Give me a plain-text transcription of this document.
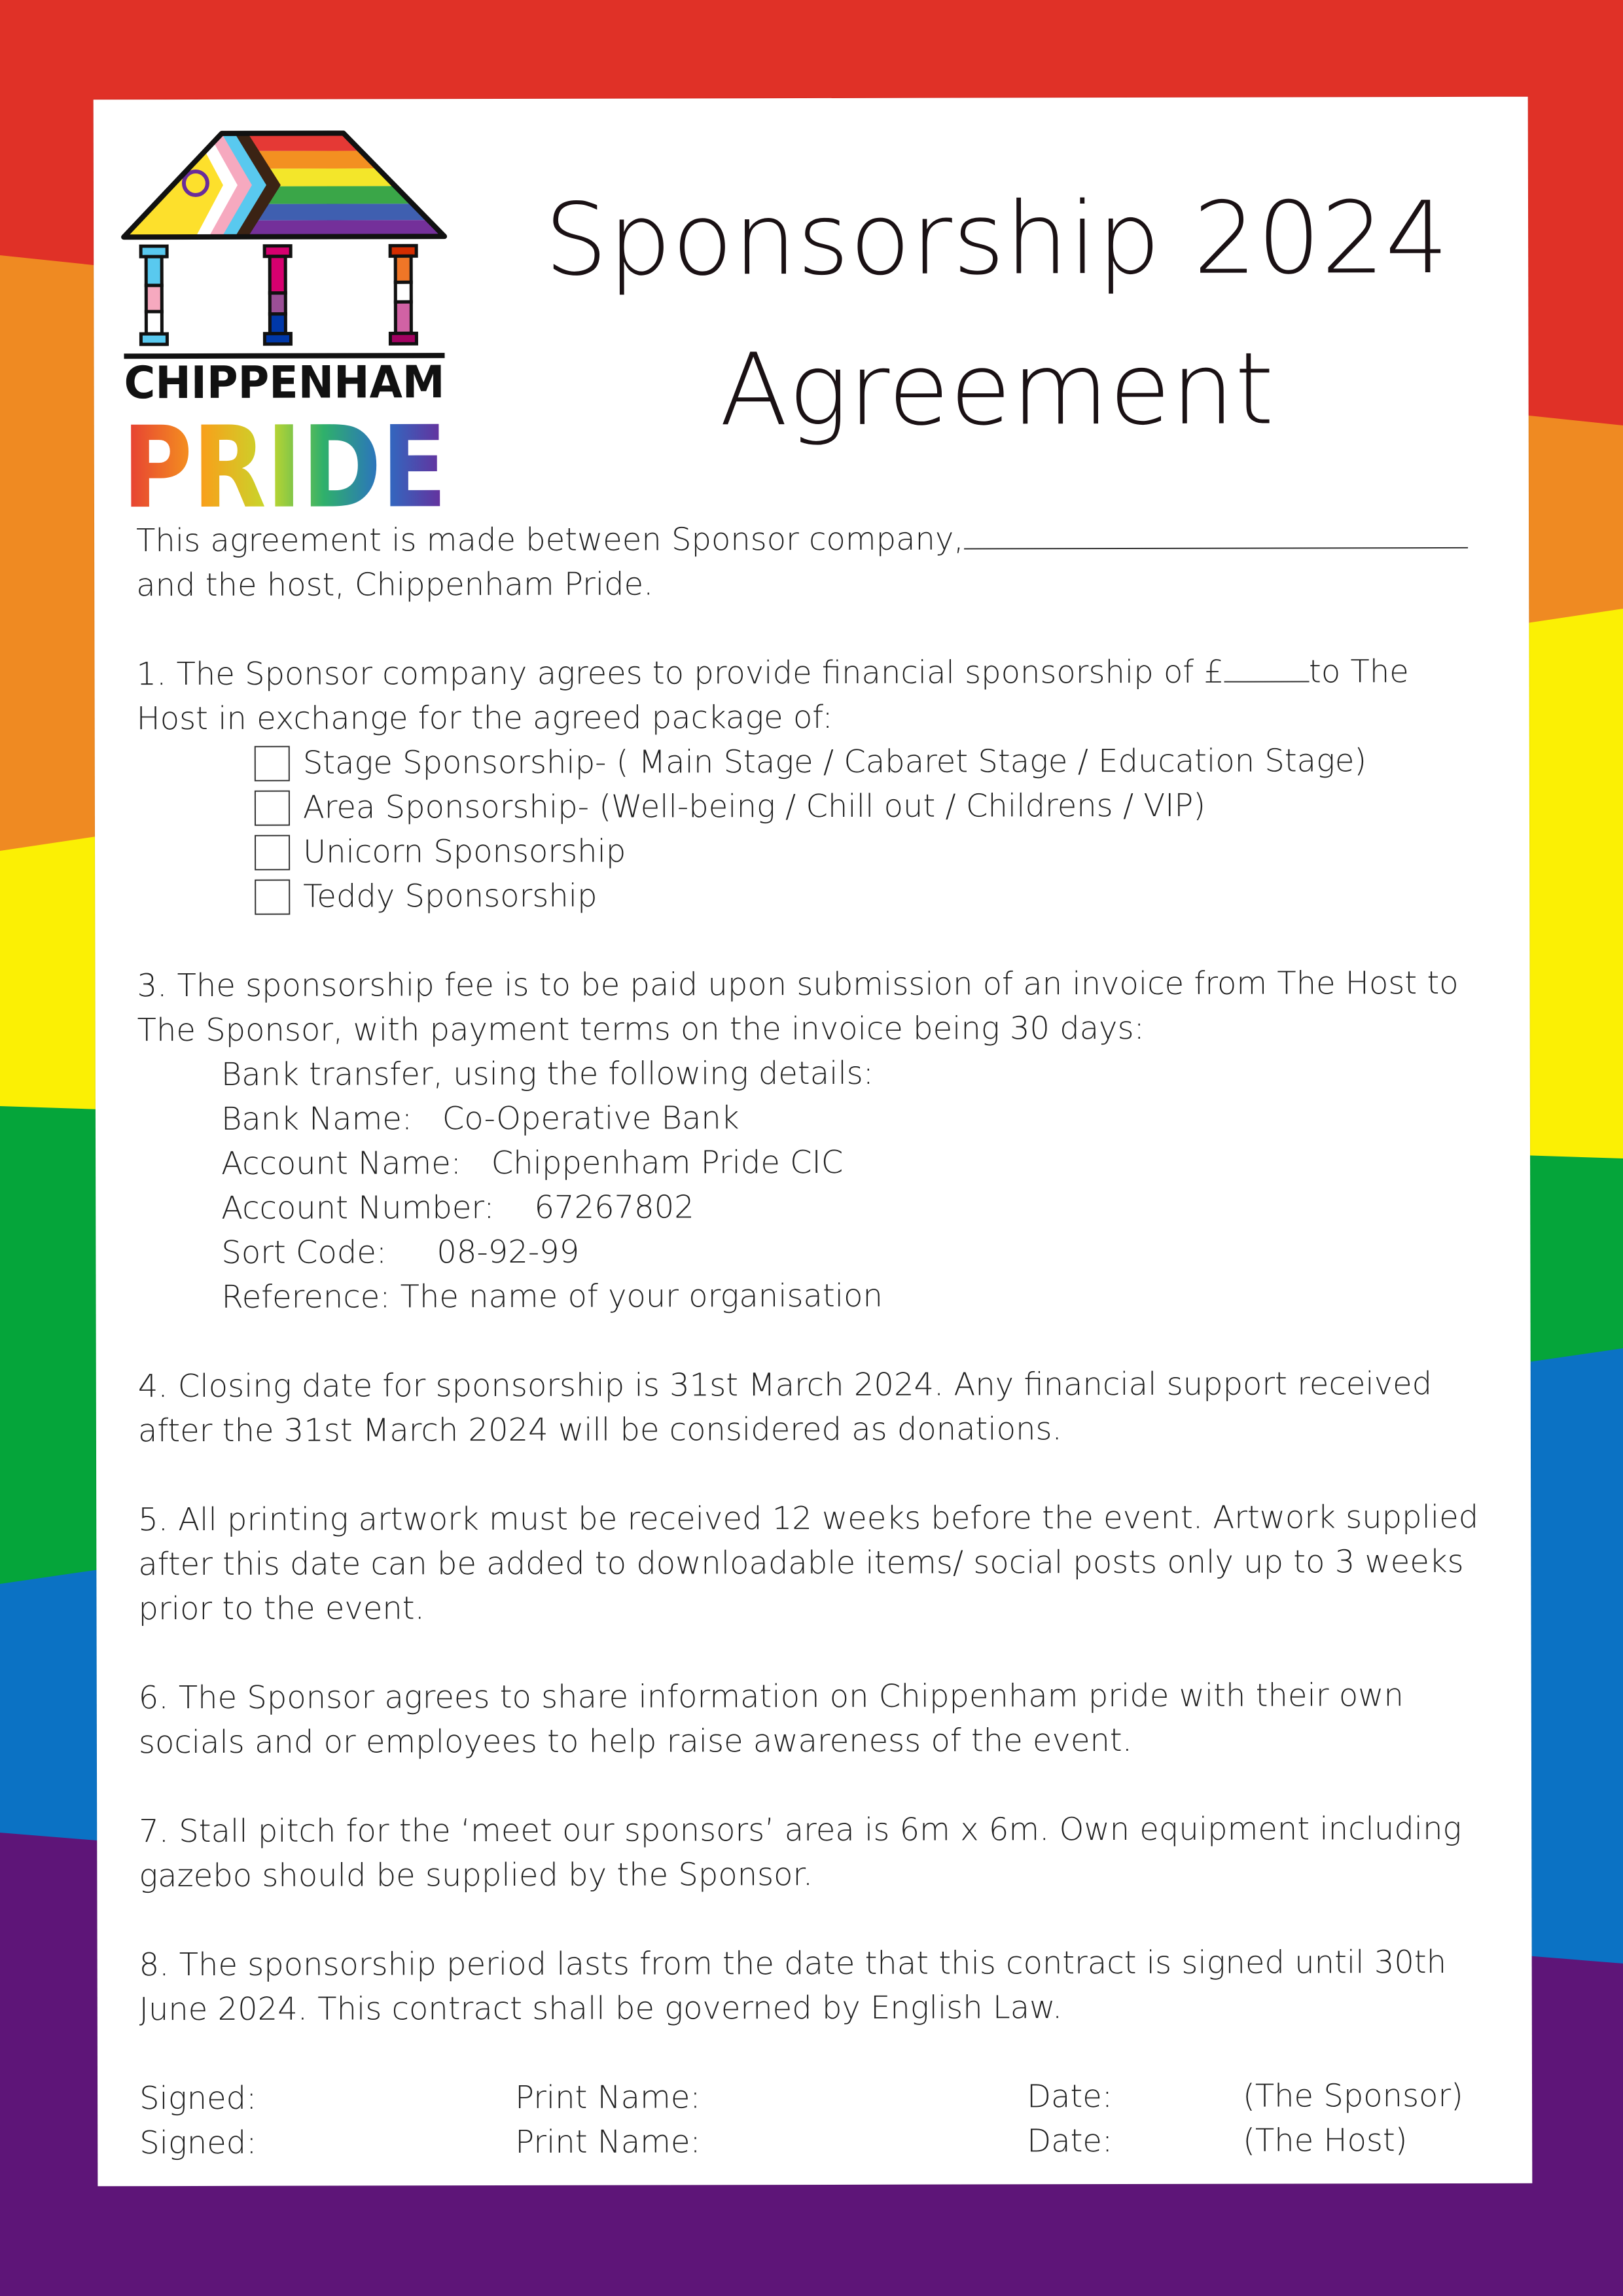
CHIPPENHAM
PRIDE
Sponsorship 2024
Agreement
This agreement is made between Sponsor company,
and the host, Chippenham Pride.
1. The Sponsor company agrees to provide financial sponsorship of £	to The
Host in exchange for the agreed package of:
Stage Sponsorship- ( Main Stage / Cabaret Stage / Education Stage)
Area Sponsorship- (Well-being / Chill out / Childrens / VIP)
Unicorn Sponsorship
Teddy Sponsorship
3. The sponsorship fee is to be paid upon submission of an invoice from The Host to
The Sponsor, with payment terms on the invoice being 30 days:
Bank transfer, using the following details:
Bank Name:   Co-Operative Bank
Account Name:   Chippenham Pride CIC
Account Number:    67267802
Sort Code:     08-92-99
Reference: The name of your organisation
4. Closing date for sponsorship is 31st March 2024. Any financial support received
after the 31st March 2024 will be considered as donations.
5. All printing artwork must be received 12 weeks before the event. Artwork supplied
after this date can be added to downloadable items/ social posts only up to 3 weeks
prior to the event.
6. The Sponsor agrees to share information on Chippenham pride with their own
socials and or employees to help raise awareness of the event.
7. Stall pitch for the ‘meet our sponsors’ area is 6m x 6m. Own equipment including
gazebo should be supplied by the Sponsor.
8. The sponsorship period lasts from the date that this contract is signed until 30th
June 2024. This contract shall be governed by English Law.
Signed:	Print Name:	Date:	(The Sponsor)
Signed:	Print Name:	Date:	(The Host)
